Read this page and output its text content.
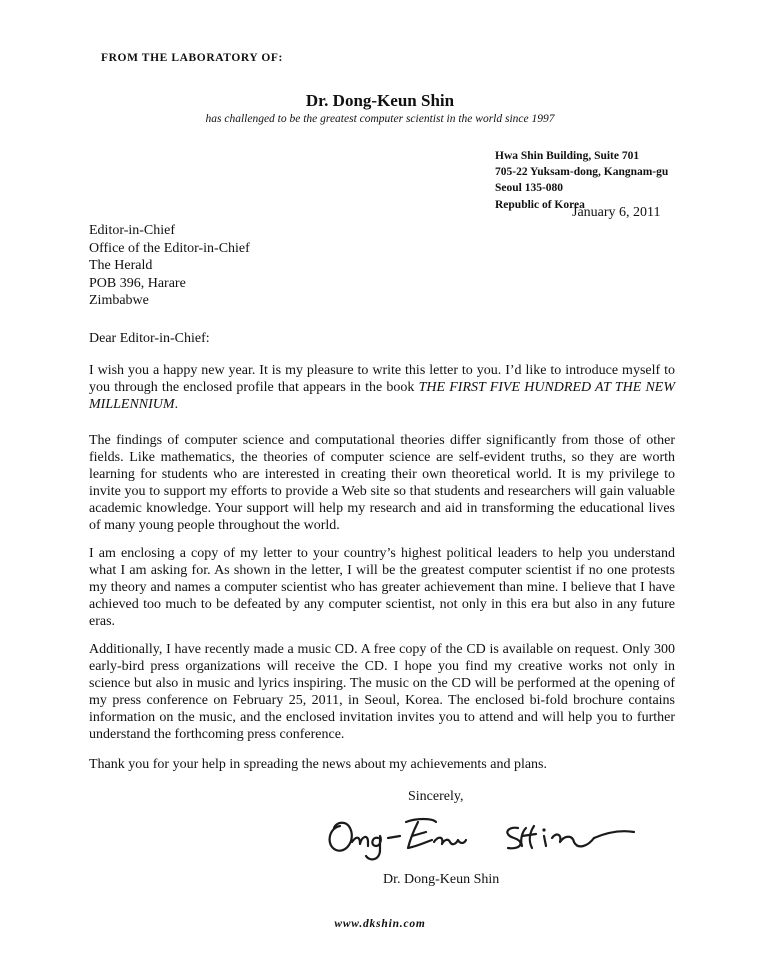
FROM THE LABORATORY OF:
Dr. Dong-Keun Shin
has challenged to be the greatest computer scientist in the world since 1997
Hwa Shin Building, Suite 701
705-22 Yuksam-dong, Kangnam-gu
Seoul 135-080
Republic of Korea
January 6, 2011
Editor-in-Chief
Office of the Editor-in-Chief
The Herald
POB 396, Harare
Zimbabwe
Dear Editor-in-Chief:

I wish you a happy new year. It is my pleasure to write this letter to you. I’d like to introduce myself to you through the enclosed profile that appears in the book THE FIRST FIVE HUNDRED AT THE NEW MILLENNIUM.

The findings of computer science and computational theories differ significantly from those of other fields. Like mathematics, the theories of computer science are self-evident truths, so they are worth learning for students who are interested in creating their own theoretical world. It is my privilege to invite you to support my efforts to provide a Web site so that students and researchers will gain valuable academic knowledge. Your support will help my research and aid in transforming the educational lives of many young people throughout the world.

I am enclosing a copy of my letter to your country’s highest political leaders to help you understand what I am asking for. As shown in the letter, I will be the greatest computer scientist if no one protests my theory and names a computer scientist who has greater achievement than mine. I believe that I have achieved too much to be defeated by any computer scientist, not only in this era but also in any future eras.

Additionally, I have recently made a music CD. A free copy of the CD is available on request. Only 300 early-bird press organizations will receive the CD. I hope you find my creative works not only in science but also in music and lyrics inspiring. The music on the CD will be performed at the opening of my press conference on February 25, 2011, in Seoul, Korea. The enclosed bi-fold brochure contains information on the music, and the enclosed invitation invites you to attend and will help you to further understand the forthcoming press conference.

Thank you for your help in spreading the news about my achievements and plans.

Sincerely,
Dr. Dong-Keun Shin
www.dkshin.com
